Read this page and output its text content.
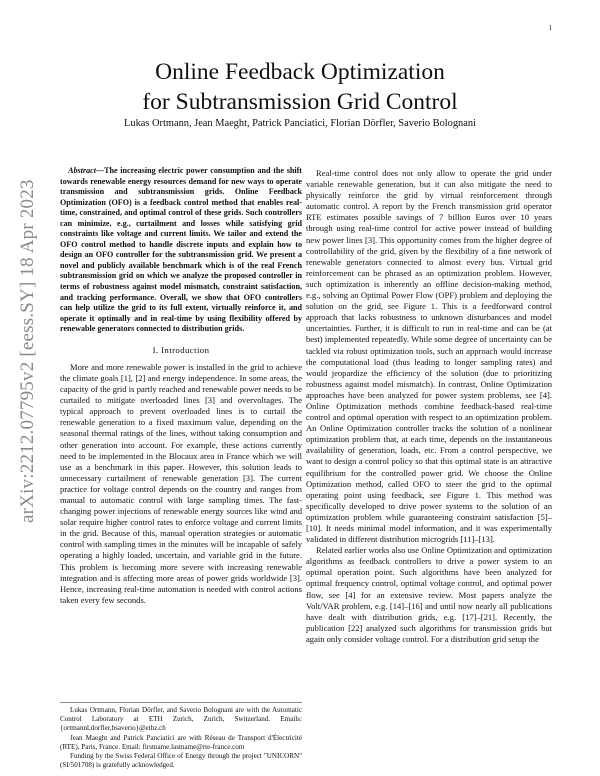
1
arXiv:2212.07795v2 [eess.SY] 18 Apr 2023
Online Feedback Optimization
for Subtransmission Grid Control
Lukas Ortmann, Jean Maeght, Patrick Panciatici, Florian Dörfler, Saverio Bolognani

Abstract—The increasing electric power consumption and the shift towards renewable energy resources demand for new ways to operate transmission and subtransmission grids. Online Feedback Optimization (OFO) is a feedback control method that enables real-time, constrained, and optimal control of these grids. Such controllers can minimize, e.g., curtailment and losses while satisfying grid constraints like voltage and current limits. We tailor and extend the OFO control method to handle discrete inputs and explain how to design an OFO controller for the subtransmission grid. We present a novel and publicly available benchmark which is of the real French subtransmission grid on which we analyze the proposed controller in terms of robustness against model mismatch, constraint satisfaction, and tracking performance. Overall, we show that OFO controllers can help utilize the grid to its full extent, virtually reinforce it, and operate it optimally and in real-time by using flexibility offered by renewable generators connected to distribution grids.

I. Introduction

More and more renewable power is installed in the grid to achieve the climate goals [1], [2] and energy independence. In some areas, the capacity of the grid is partly reached and renewable power needs to be curtailed to mitigate overloaded lines [3] and overvoltages. The typical approach to prevent overloaded lines is to curtail the renewable generation to a fixed maximum value, depending on the seasonal thermal ratings of the lines, without taking consumption and other generation into account. For example, these actions currently need to be implemented in the Blocaux area in France which we will use as a benchmark in this paper. However, this solution leads to unnecessary curtailment of renewable generation [3]. The current practice for voltage control depends on the country and ranges from manual to automatic control with large sampling times. The fast-changing power injections of renewable energy sources like wind and solar require higher control rates to enforce voltage and current limits in the grid. Because of this, manual operation strategies or automatic control with sampling times in the minutes will be incapable of safely operating a highly loaded, uncertain, and variable grid in the future. This problem is becoming more severe with increasing renewable integration and is affecting more areas of power grids worldwide [3]. Hence, increasing real-time automation is needed with control actions taken every few seconds.

Lukas Ortmann, Florian Dörfler, and Saverio Bolognani are with the Automatic Control Laboratory at ETH Zurich, Zurich, Switzerland. Emails: {ortmannl,dorfler,bsaverio}@ethz.ch

Jean Maeght and Patrick Panciatici are with Réseau de Transport d'Électricité (RTE), Paris, France. Email: firstname.lastname@rte-france.com

Funding by the Swiss Federal Office of Energy through the project "UNICORN" (SI/501708) is gratefully acknowledged.

Real-time control does not only allow to operate the grid under variable renewable generation, but it can also mitigate the need to physically reinforce the grid by virtual reinforcement through automatic control. A report by the French transmission grid operator RTE estimates possible savings of 7 billion Euros over 10 years through using real-time control for active power instead of building new power lines [3]. This opportunity comes from the higher degree of controllability of the grid, given by the flexibility of a fine network of renewable generators connected to almost every bus. Virtual grid reinforcement can be phrased as an optimization problem. However, such optimization is inherently an offline decision-making method, e.g., solving an Optimal Power Flow (OPF) problem and deploying the solution on the grid, see Figure 1. This is a feedforward control approach that lacks robustness to unknown disturbances and model uncertainties. Further, it is difficult to run in real-time and can be (at best) implemented repeatedly. While some degree of uncertainty can be tackled via robust optimization tools, such an approach would increase the computational load (thus leading to longer sampling rates) and would jeopardize the efficiency of the solution (due to prioritizing robustness against model mismatch). In contrast, Online Optimization approaches have been analyzed for power system problems, see [4]. Online Optimization methods combine feedback-based real-time control and optimal operation with respect to an optimization problem. An Online Optimization controller tracks the solution of a nonlinear optimization problem that, at each time, depends on the instantaneous availability of generation, loads, etc. From a control perspective, we want to design a control policy so that this optimal state is an attractive equilibrium for the controlled power grid. We choose the Online Optimization method, called OFO to steer the grid to the optimal operating point using feedback, see Figure 1. This method was specifically developed to drive power systems to the solution of an optimization problem while guaranteeing constraint satisfaction [5]–[10]. It needs minimal model information, and it was experimentally validated in different distribution microgrids [11]–[13].

Related earlier works also use Online Optimization and optimization algorithms as feedback controllers to drive a power system to an optimal operation point. Such algorithms have been analyzed for optimal frequency control, optimal voltage control, and optimal power flow, see [4] for an extensive review. Most papers analyze the Volt/VAR problem, e.g. [14]–[16] and until now nearly all publications have dealt with distribution grids, e.g. [17]–[21]. Recently, the publication [22] analyzed such algorithms for transmission grids but again only consider voltage control. For a distribution grid setup the
